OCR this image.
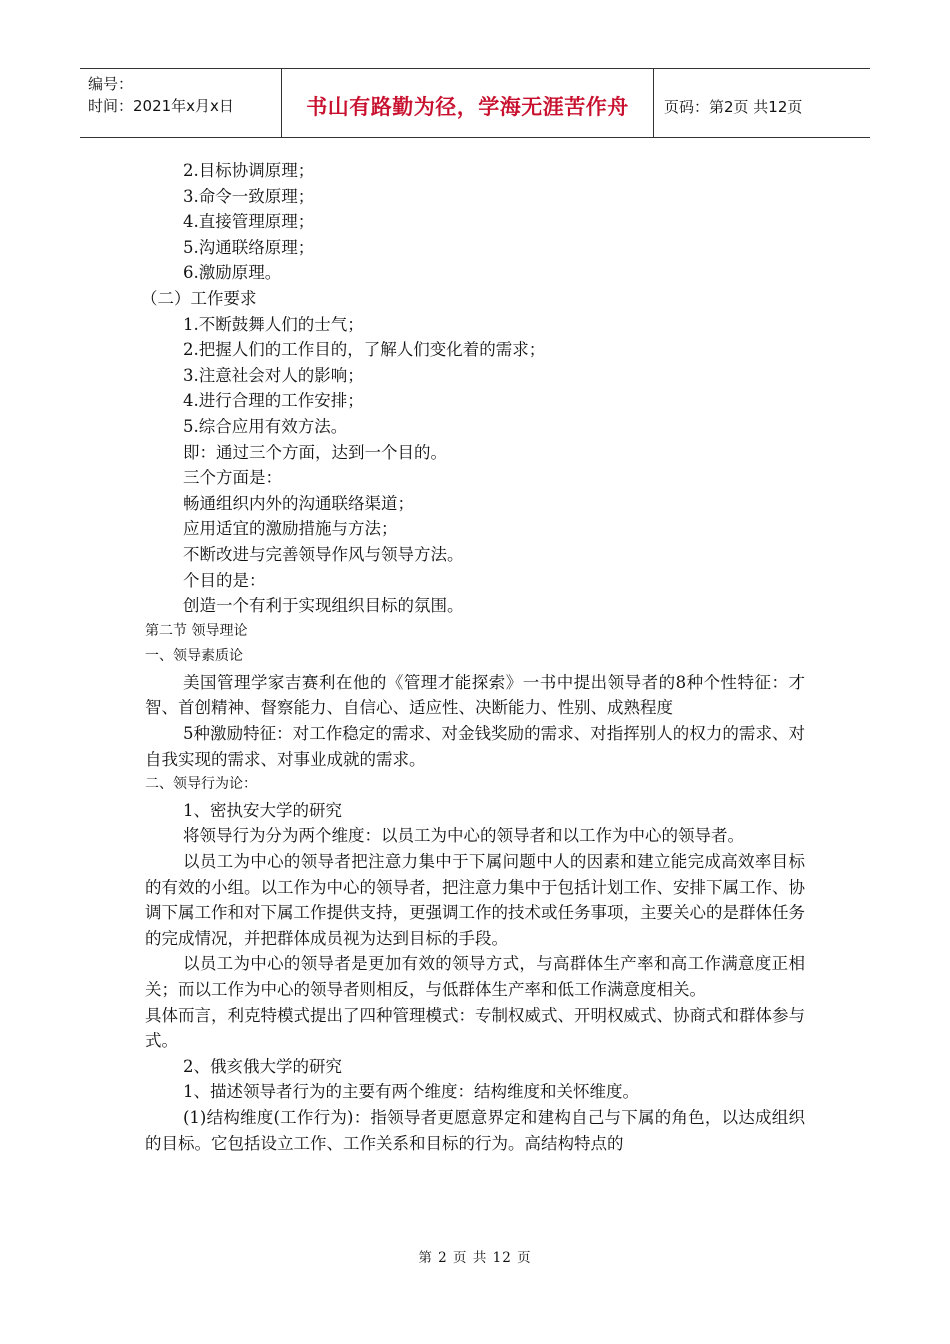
编号：
时间：2021年x月x日	书山有路勤为径，学海无涯苦作舟	页码：第2页 共12页
2.目标协调原理；
3.命令一致原理；
4.直接管理原理；
5.沟通联络原理；
6.激励原理。
（二）工作要求
1.不断鼓舞人们的士气；
2.把握人们的工作目的，了解人们变化着的需求；
3.注意社会对人的影响；
4.进行合理的工作安排；
5.综合应用有效方法。
即：通过三个方面，达到一个目的。
三个方面是：
畅通组织内外的沟通联络渠道；
应用适宜的激励措施与方法；
不断改进与完善领导作风与领导方法。
个目的是：
创造一个有利于实现组织目标的氛围。
第二节 领导理论
一、领导素质论
美国管理学家吉赛利在他的《管理才能探索》一书中提出领导者的8种个性特征：才智、首创精神、督察能力、自信心、适应性、决断能力、性别、成熟程度
5种激励特征：对工作稳定的需求、对金钱奖励的需求、对指挥别人的权力的需求、对自我实现的需求、对事业成就的需求。
二、领导行为论：
1、密执安大学的研究
将领导行为分为两个维度：以员工为中心的领导者和以工作为中心的领导者。
以员工为中心的领导者把注意力集中于下属问题中人的因素和建立能完成高效率目标的有效的小组。以工作为中心的领导者，把注意力集中于包括计划工作、安排下属工作、协调下属工作和对下属工作提供支持，更强调工作的技术或任务事项，主要关心的是群体任务的完成情况，并把群体成员视为达到目标的手段。
以员工为中心的领导者是更加有效的领导方式，与高群体生产率和高工作满意度正相关；而以工作为中心的领导者则相反，与低群体生产率和低工作满意度相关。
具体而言，利克特模式提出了四种管理模式：专制权威式、开明权威式、协商式和群体参与式。
2、俄亥俄大学的研究
1、描述领导者行为的主要有两个维度：结构维度和关怀维度。
(1)结构维度(工作行为)：指领导者更愿意界定和建构自己与下属的角色，以达成组织的目标。它包括设立工作、工作关系和目标的行为。高结构特点的
第 2 页 共 12 页
